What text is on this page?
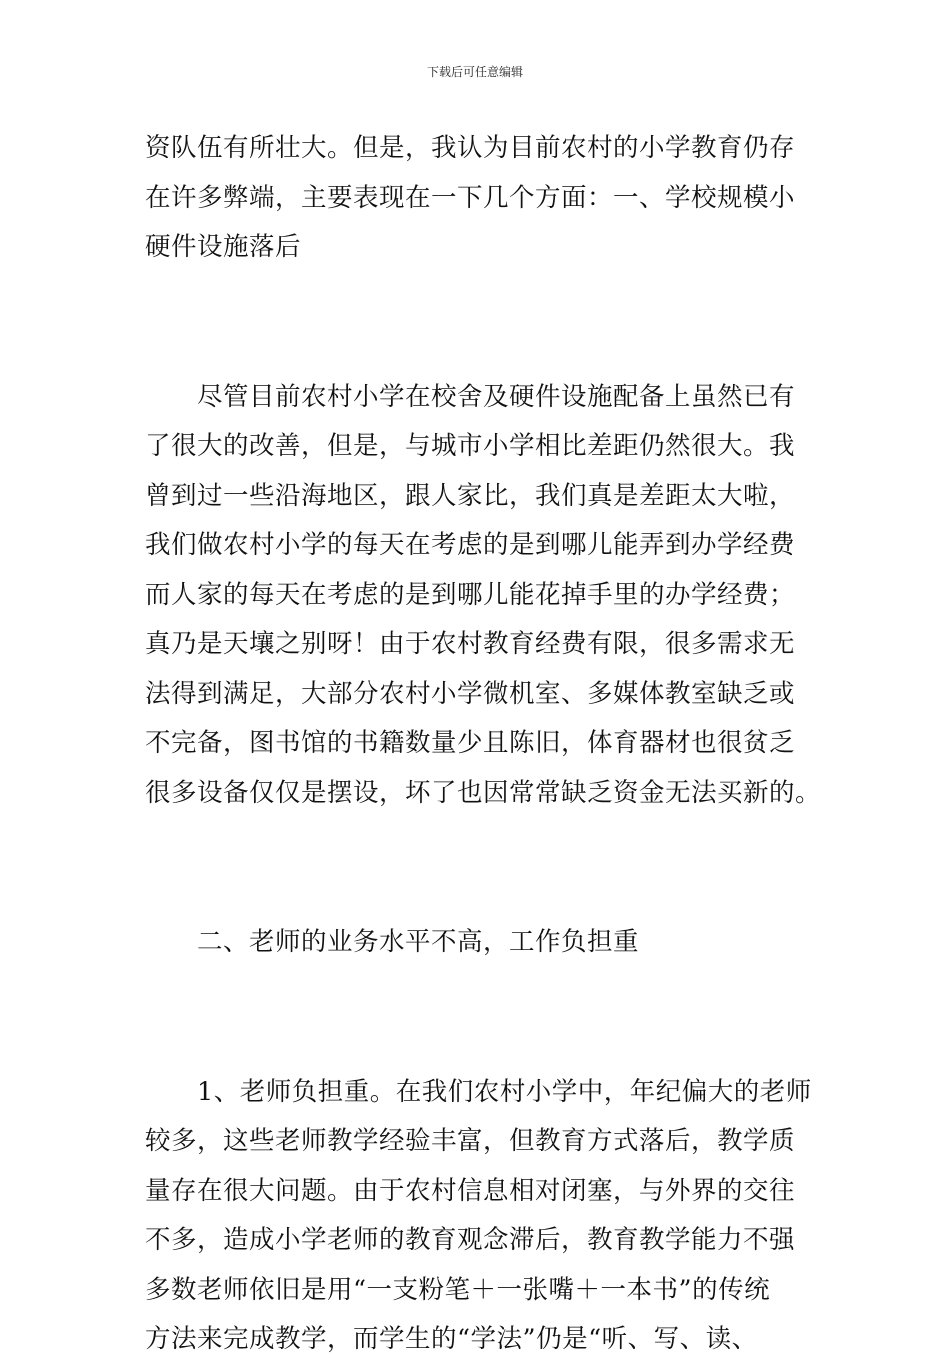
下载后可任意编辑
资队伍有所壮大。但是，我认为目前农村的小学教育仍存
在许多弊端，主要表现在一下几个方面：一、学校规模小
硬件设施落后
尽管目前农村小学在校舍及硬件设施配备上虽然已有
了很大的改善，但是，与城市小学相比差距仍然很大。我
曾到过一些沿海地区，跟人家比，我们真是差距太大啦，
我们做农村小学的每天在考虑的是到哪儿能弄到办学经费
而人家的每天在考虑的是到哪儿能花掉手里的办学经费；
真乃是天壤之别呀！由于农村教育经费有限，很多需求无
法得到满足，大部分农村小学微机室、多媒体教室缺乏或
不完备，图书馆的书籍数量少且陈旧，体育器材也很贫乏
很多设备仅仅是摆设，坏了也因常常缺乏资金无法买新的。
二、老师的业务水平不高，工作负担重
1、老师负担重。在我们农村小学中，年纪偏大的老师
较多，这些老师教学经验丰富，但教育方式落后，教学质
量存在很大问题。由于农村信息相对闭塞，与外界的交往
不多，造成小学老师的教育观念滞后，教育教学能力不强
多数老师依旧是用“一支粉笔＋一张嘴＋一本书”的传统
方法来完成教学，而学生的“学法”仍是“听、写、读、
